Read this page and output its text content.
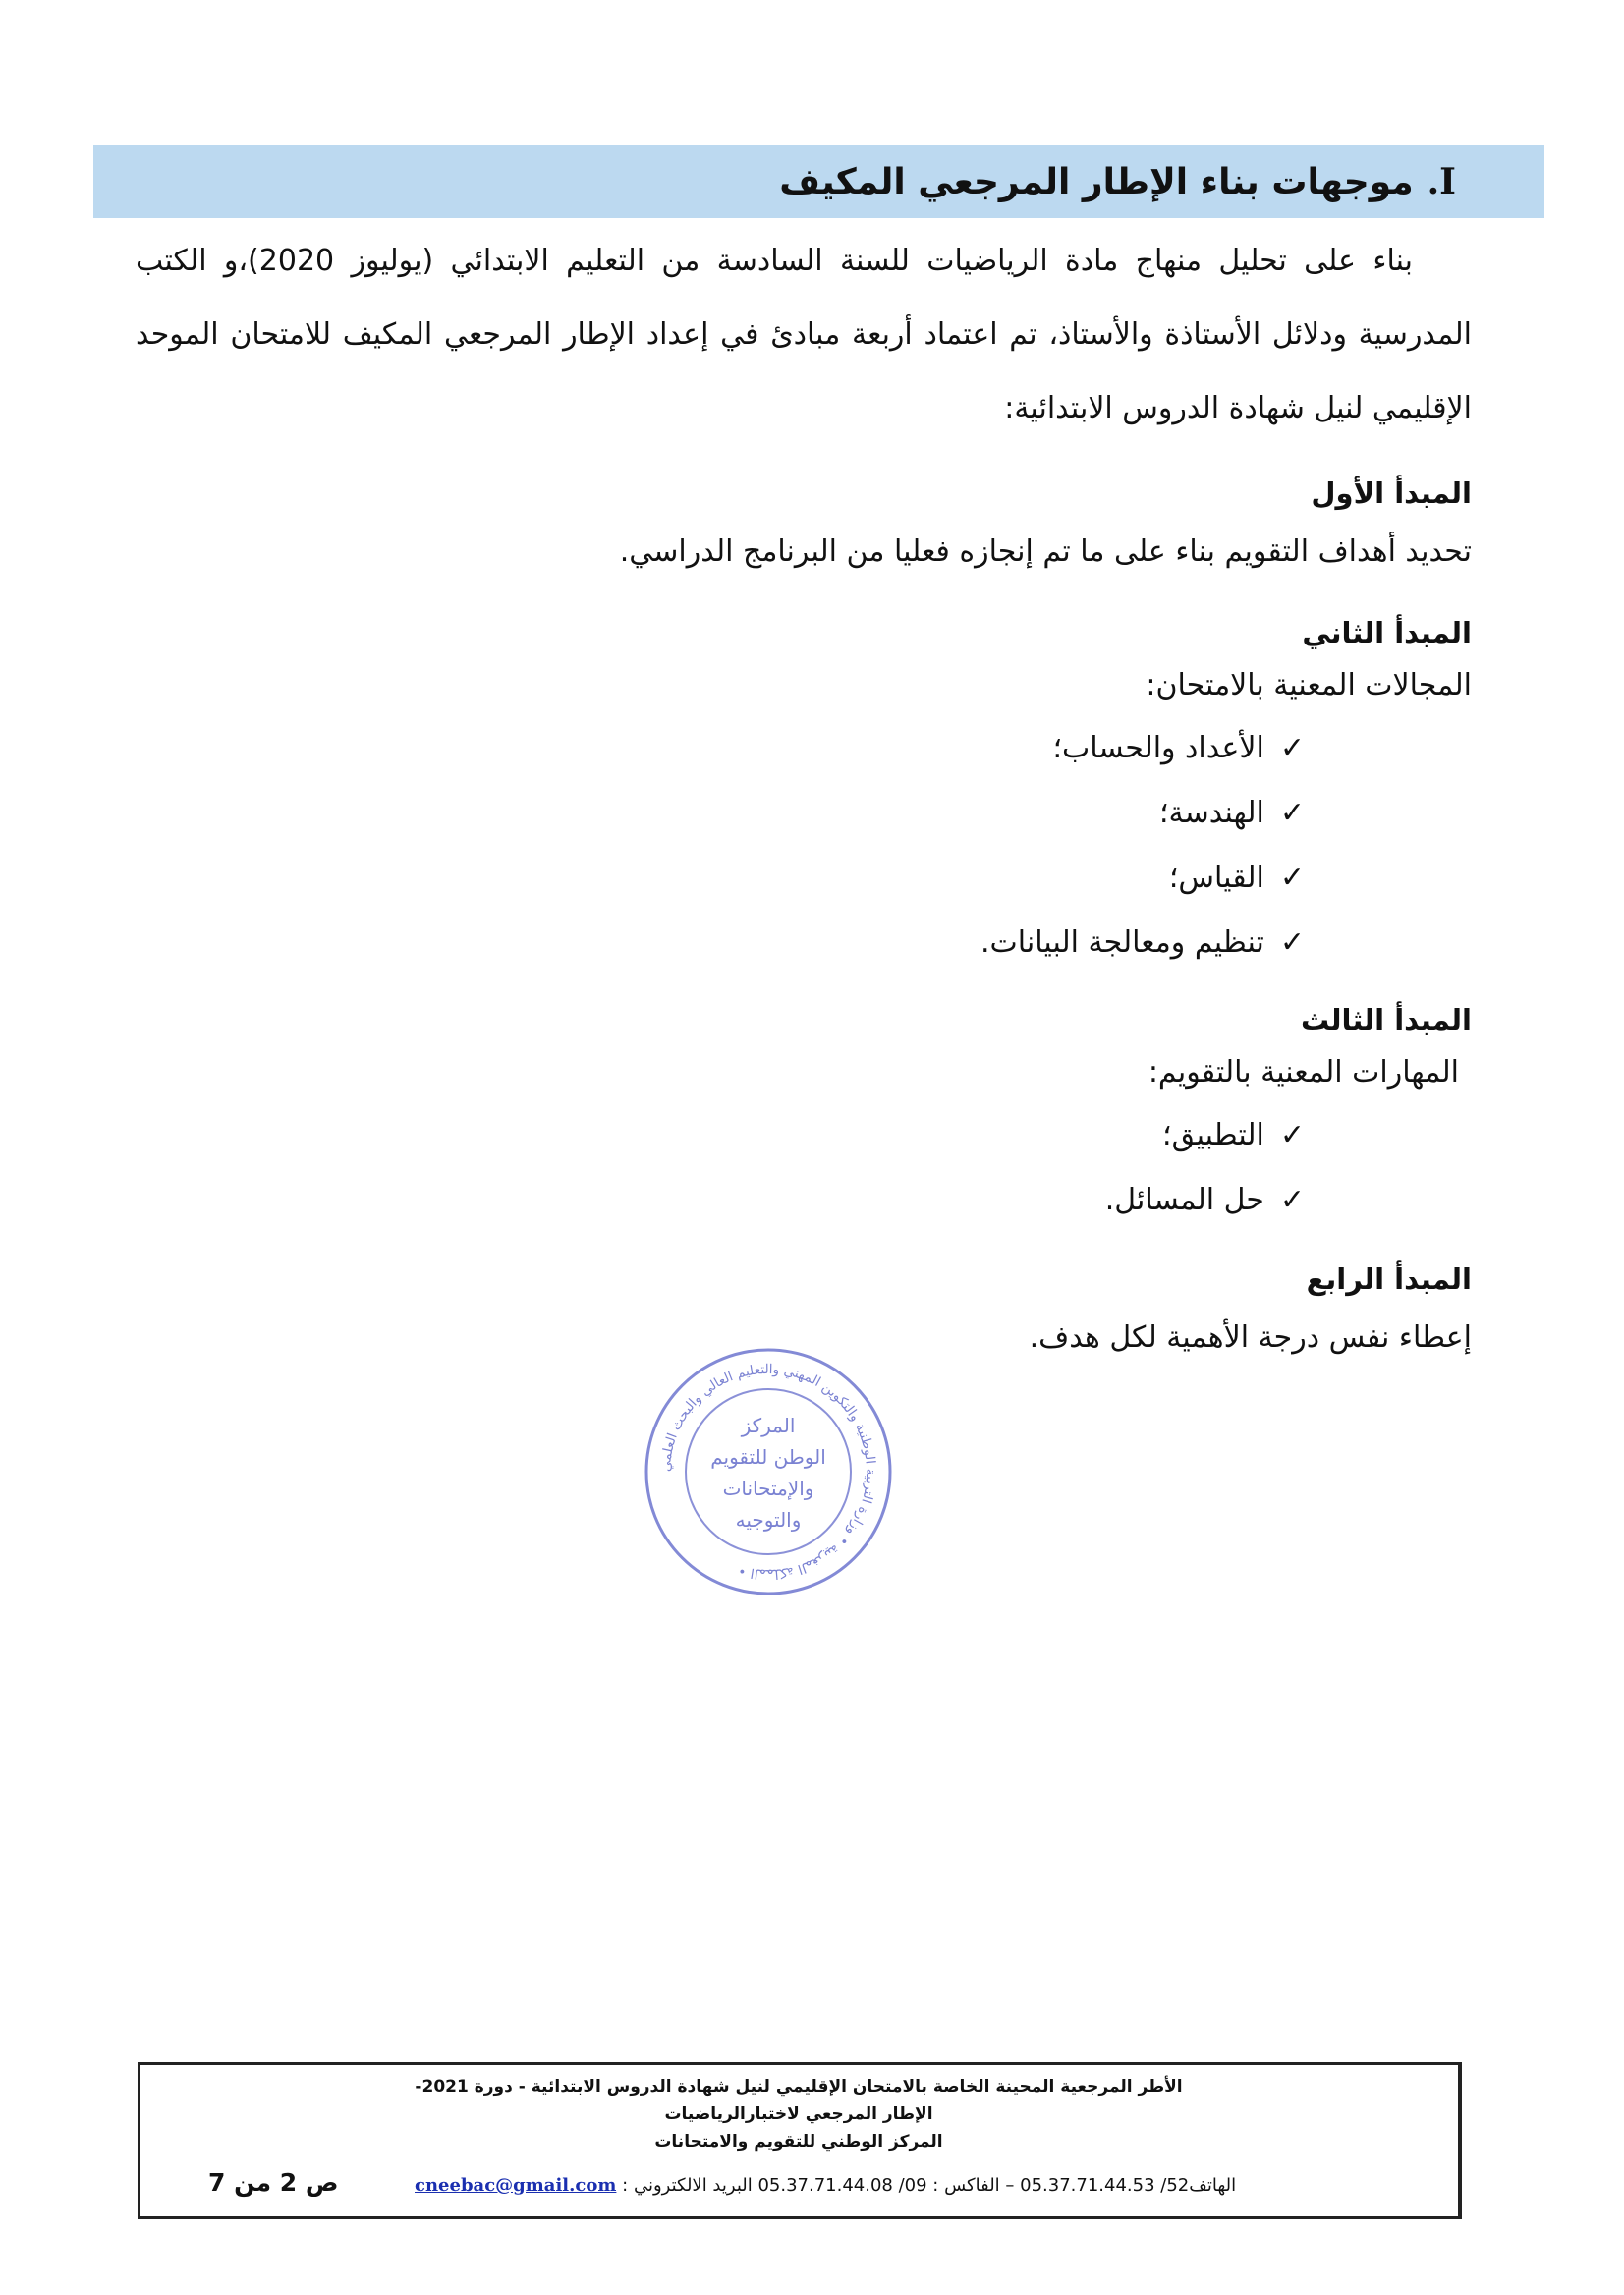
I.موجهات بناء الإطار المرجعي المكيف
بناء على تحليل منهاج مادة الرياضيات للسنة السادسة من التعليم الابتدائي (يوليوز 2020)،و الكتب المدرسية ودلائل الأستاذة والأستاذ، تم اعتماد أربعة مبادئ في إعداد الإطار المرجعي المكيف للامتحان الموحد الإقليمي لنيل شهادة الدروس الابتدائية:
المبدأ الأول
تحديد أهداف التقويم بناء على ما تم إنجازه فعليا من البرنامج الدراسي.
المبدأ الثاني
المجالات المعنية بالامتحان:
✓الأعداد والحساب؛
✓الهندسة؛
✓القياس؛
✓تنظيم ومعالجة البيانات.
المبدأ الثالث
المهارات المعنية بالتقويم:
✓التطبيق؛
✓حل المسائل.
المبدأ الرابع
إعطاء نفس درجة الأهمية لكل هدف.
المملكة المغربية • وزارة التربية الوطنية والتكوين المهني والتعليم العالي والبحث العلمي •
المركز
الوطن للتقويم
والإمتحانات
والتوجيه
الأطر المرجعية المحينة الخاصة بالامتحان الإقليمي لنيل شهادة الدروس الابتدائية - دورة 2021-
الإطار المرجعي لاختبارالرياضيات
المركز الوطني للتقويم والامتحانات
الهاتف52/ 05.37.71.44.53 – الفاكس : 09/ 05.37.71.44.08 البريد الالكتروني : cneebac@gmail.com
ص 2 من 7
